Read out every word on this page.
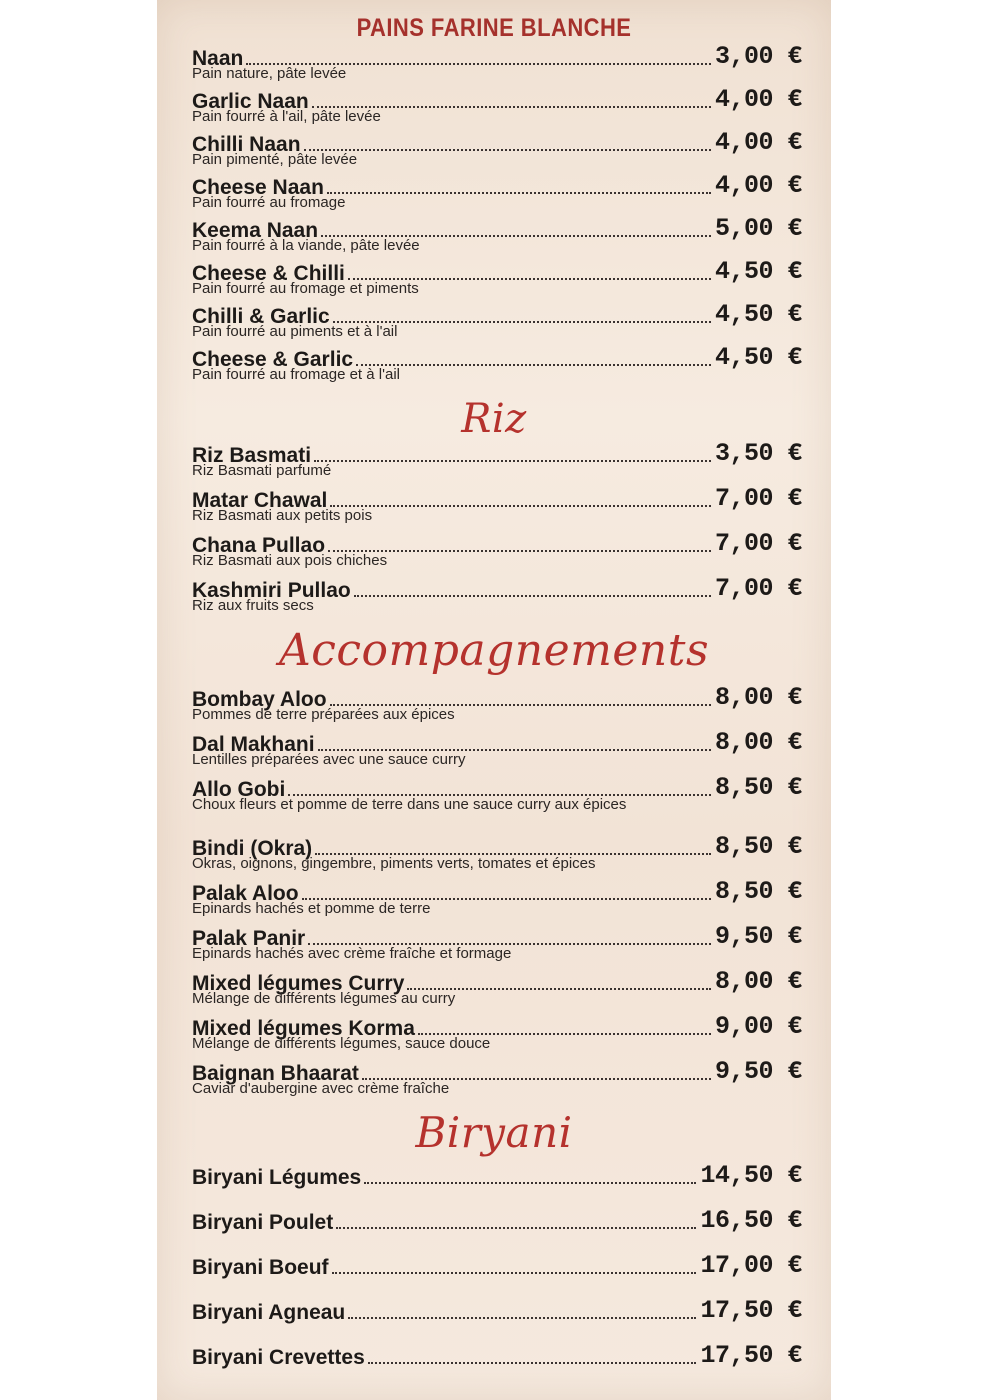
PAINS FARINE BLANCHE
Naan	3,00 €
Pain nature, pâte levée
Garlic Naan	4,00 €
Pain fourré à l'ail, pâte levée
Chilli Naan	4,00 €
Pain pimenté, pâte levée
Cheese Naan	4,00 €
Pain fourré au fromage
Keema Naan	5,00 €
Pain fourré à la viande, pâte levée
Cheese & Chilli	4,50 €
Pain fourré au fromage et piments
Chilli & Garlic	4,50 €
Pain fourré au piments et à l'ail
Cheese & Garlic	4,50 €
Pain fourré au fromage et à l'ail
Riz
Riz Basmati	3,50 €
Riz Basmati parfumé
Matar Chawal	7,00 €
Riz Basmati aux petits pois
Chana Pullao	7,00 €
Riz Basmati aux pois chiches
Kashmiri Pullao	7,00 €
Riz aux fruits secs
Accompagnements
Bombay Aloo	8,00 €
Pommes de terre préparées aux épices
Dal Makhani	8,00 €
Lentilles préparées avec une sauce curry
Allo Gobi	8,50 €
Choux fleurs et pomme de terre dans une sauce curry aux épices
Bindi (Okra)	8,50 €
Okras, oignons, gingembre, piments verts, tomates et épices
Palak Aloo	8,50 €
Epinards hachés et pomme de terre
Palak Panir	9,50 €
Epinards hachés avec crème fraîche et formage
Mixed légumes Curry	8,00 €
Mélange de différents légumes au curry
Mixed légumes Korma	9,00 €
Mélange de différents légumes, sauce douce
Baignan Bhaarat	9,50 €
Caviar d'aubergine avec crème fraîche
Biryani
Biryani Légumes	14,50 €
Biryani Poulet	16,50 €
Biryani Boeuf	17,00 €
Biryani Agneau	17,50 €
Biryani Crevettes	17,50 €
